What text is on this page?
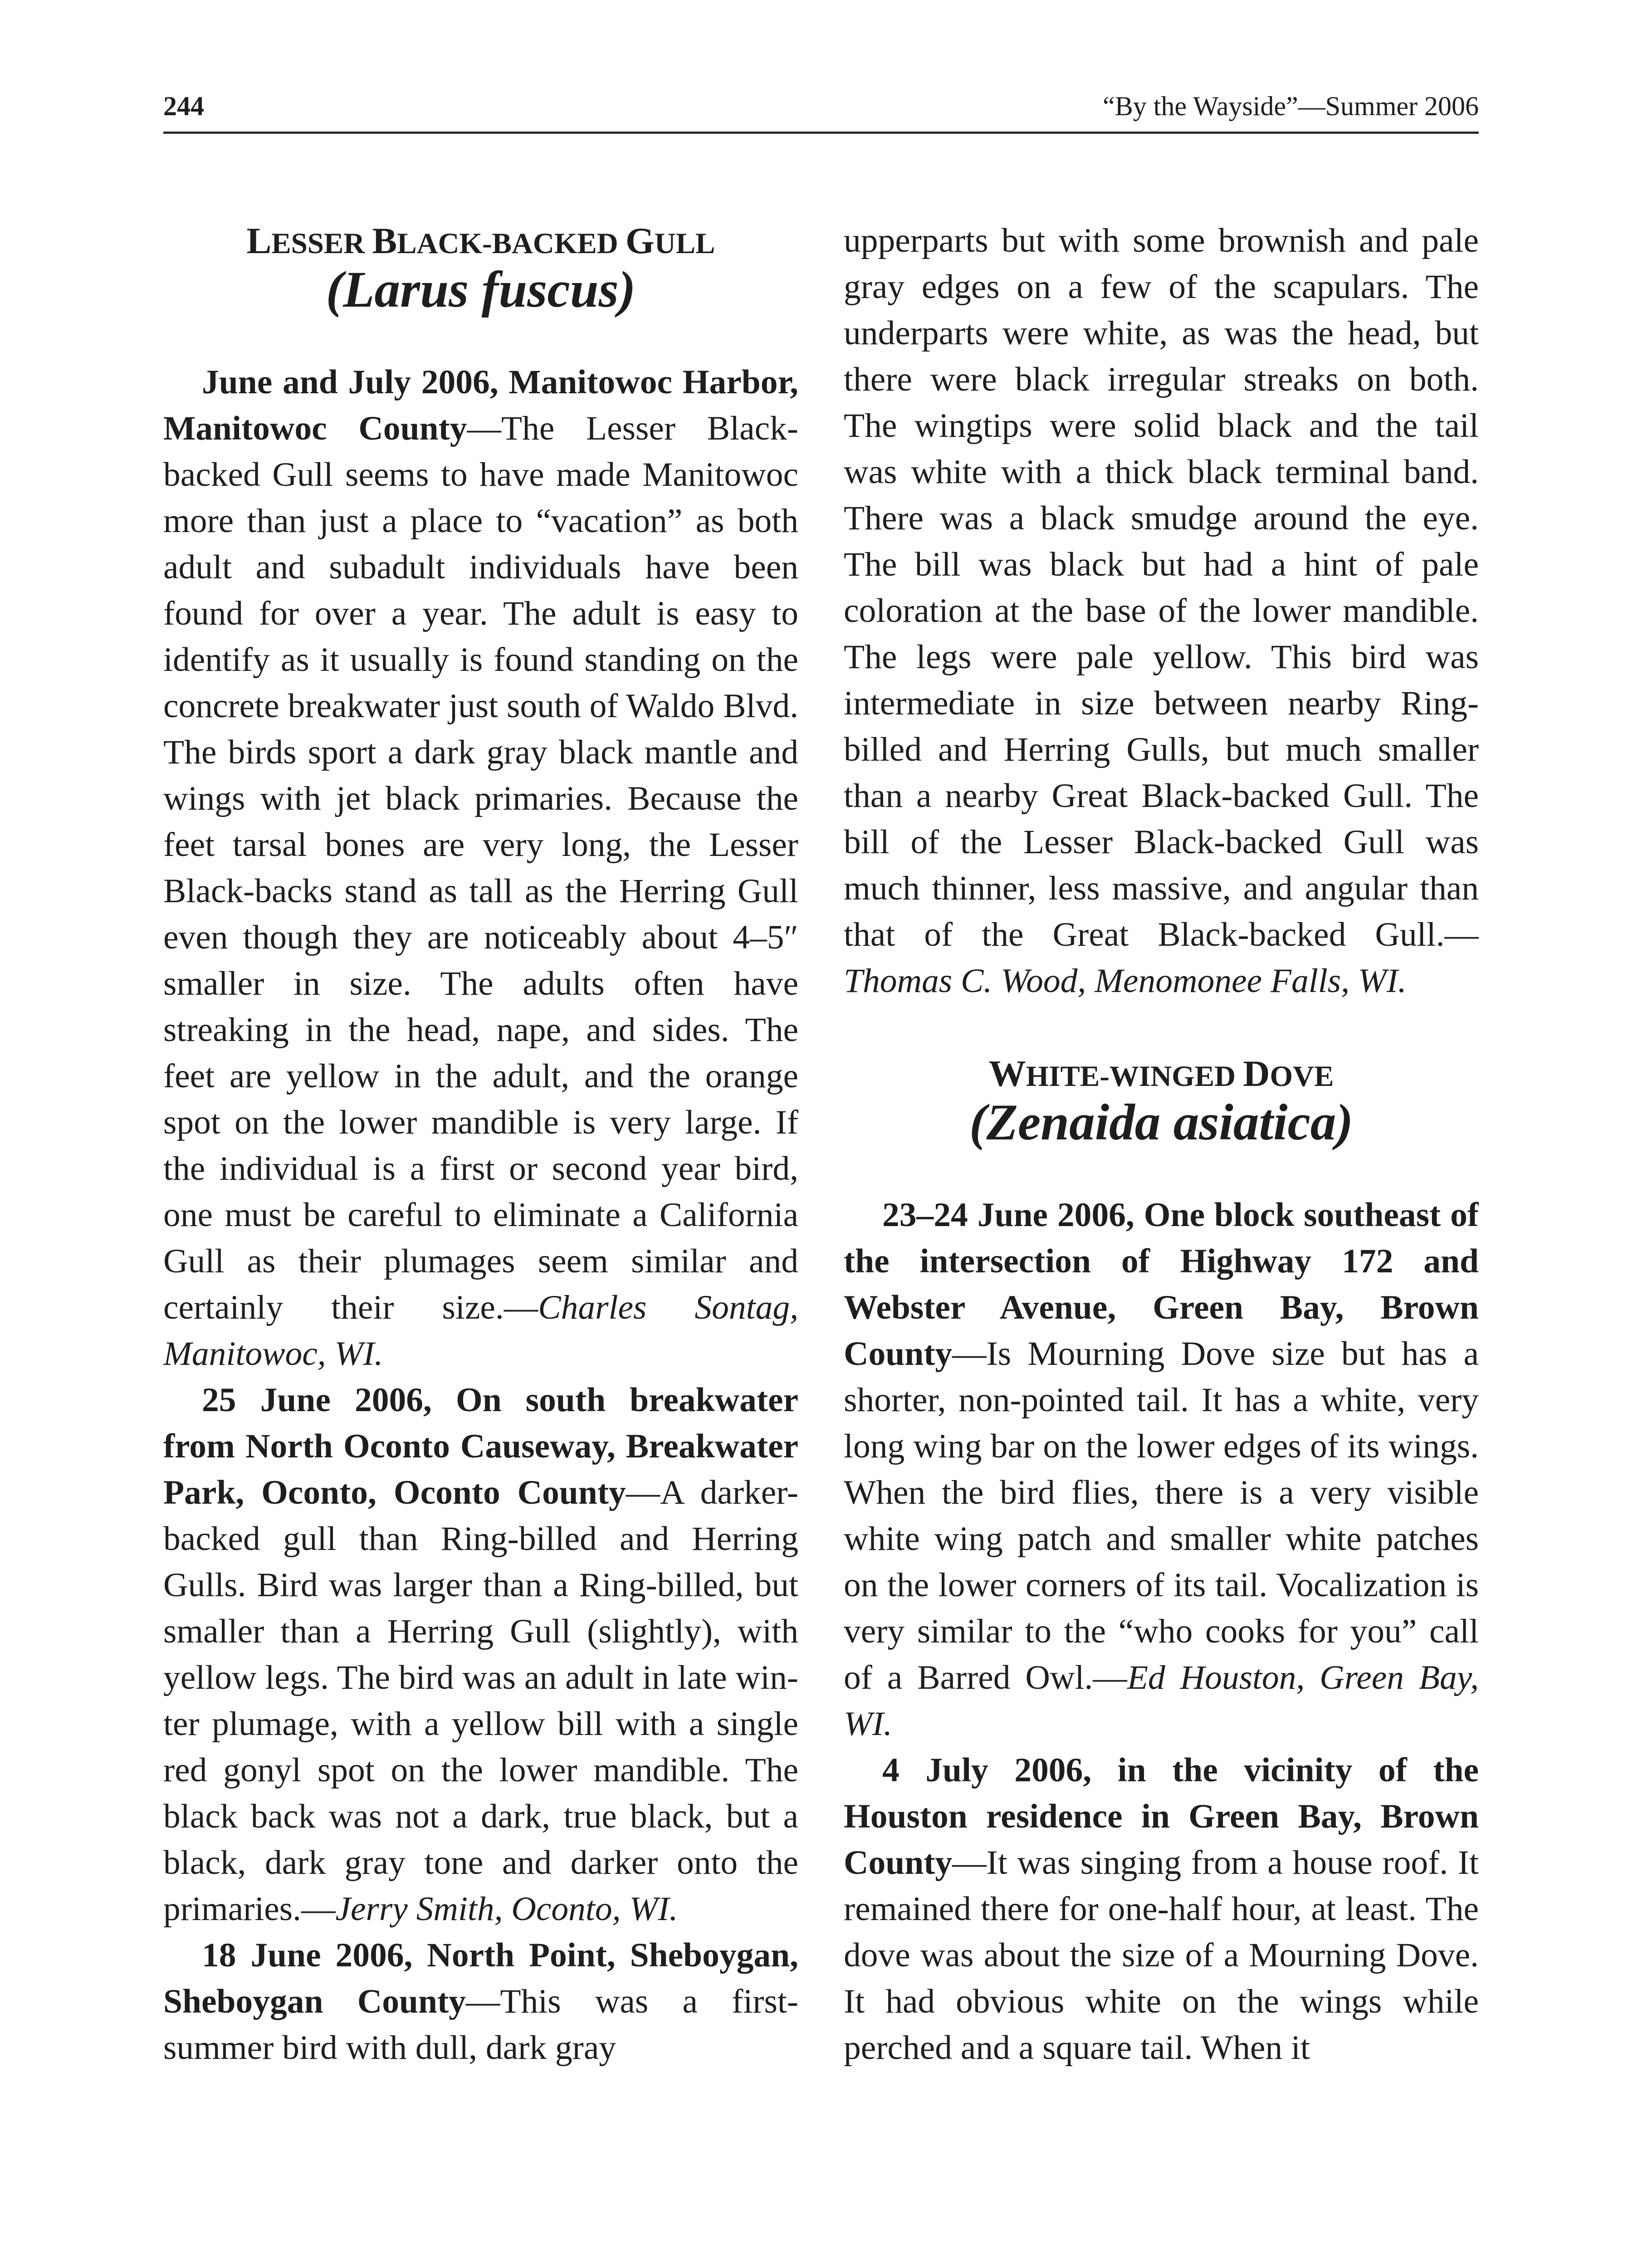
244	“By the Wayside”—Summer 2006
LESSER BLACK-BACKED GULL
(Larus fuscus)

June and July 2006, Manitowoc Harbor, Manitowoc County—The Lesser Black-backed Gull seems to have made Manitowoc more than just a place to “vacation” as both adult and subadult individuals have been found for over a year. The adult is easy to identify as it usually is found standing on the concrete breakwater just south of Waldo Blvd. The birds sport a dark gray black mantle and wings with jet black primaries. Because the feet tarsal bones are very long, the Lesser Black-backs stand as tall as the Herring Gull even though they are noticeably about 4–5″ smaller in size. The adults often have streaking in the head, nape, and sides. The feet are yellow in the adult, and the orange spot on the lower mandible is very large. If the individual is a first or second year bird, one must be careful to eliminate a California Gull as their plumages seem similar and certainly their size.—Charles Sontag, Manitowoc, WI.

25 June 2006, On south breakwater from North Oconto Causeway, Breakwater Park, Oconto, Oconto County—A darker-backed gull than Ring-billed and Herring Gulls. Bird was larger than a Ring-billed, but smaller than a Herring Gull (slightly), with yellow legs. The bird was an adult in late winter plumage, with a yellow bill with a single red gonyl spot on the lower mandible. The black back was not a dark, true black, but a black, dark gray tone and darker onto the primaries.—Jerry Smith, Oconto, WI.

18 June 2006, North Point, Sheboygan, Sheboygan County—This was a first-summer bird with dull, dark gray

upperparts but with some brownish and pale gray edges on a few of the scapulars. The underparts were white, as was the head, but there were black irregular streaks on both. The wingtips were solid black and the tail was white with a thick black terminal band. There was a black smudge around the eye. The bill was black but had a hint of pale coloration at the base of the lower mandible. The legs were pale yellow. This bird was intermediate in size between nearby Ring-billed and Herring Gulls, but much smaller than a nearby Great Black-backed Gull. The bill of the Lesser Black-backed Gull was much thinner, less massive, and angular than that of the Great Black-backed Gull.—Thomas C. Wood, Menomonee Falls, WI.

WHITE-WINGED DOVE
(Zenaida asiatica)

23–24 June 2006, One block southeast of the intersection of Highway 172 and Webster Avenue, Green Bay, Brown County—Is Mourning Dove size but has a shorter, non-pointed tail. It has a white, very long wing bar on the lower edges of its wings. When the bird flies, there is a very visible white wing patch and smaller white patches on the lower corners of its tail. Vocalization is very similar to the “who cooks for you” call of a Barred Owl.—Ed Houston, Green Bay, WI.

4 July 2006, in the vicinity of the Houston residence in Green Bay, Brown County—It was singing from a house roof. It remained there for one-half hour, at least. The dove was about the size of a Mourning Dove. It had obvious white on the wings while perched and a square tail. When it
